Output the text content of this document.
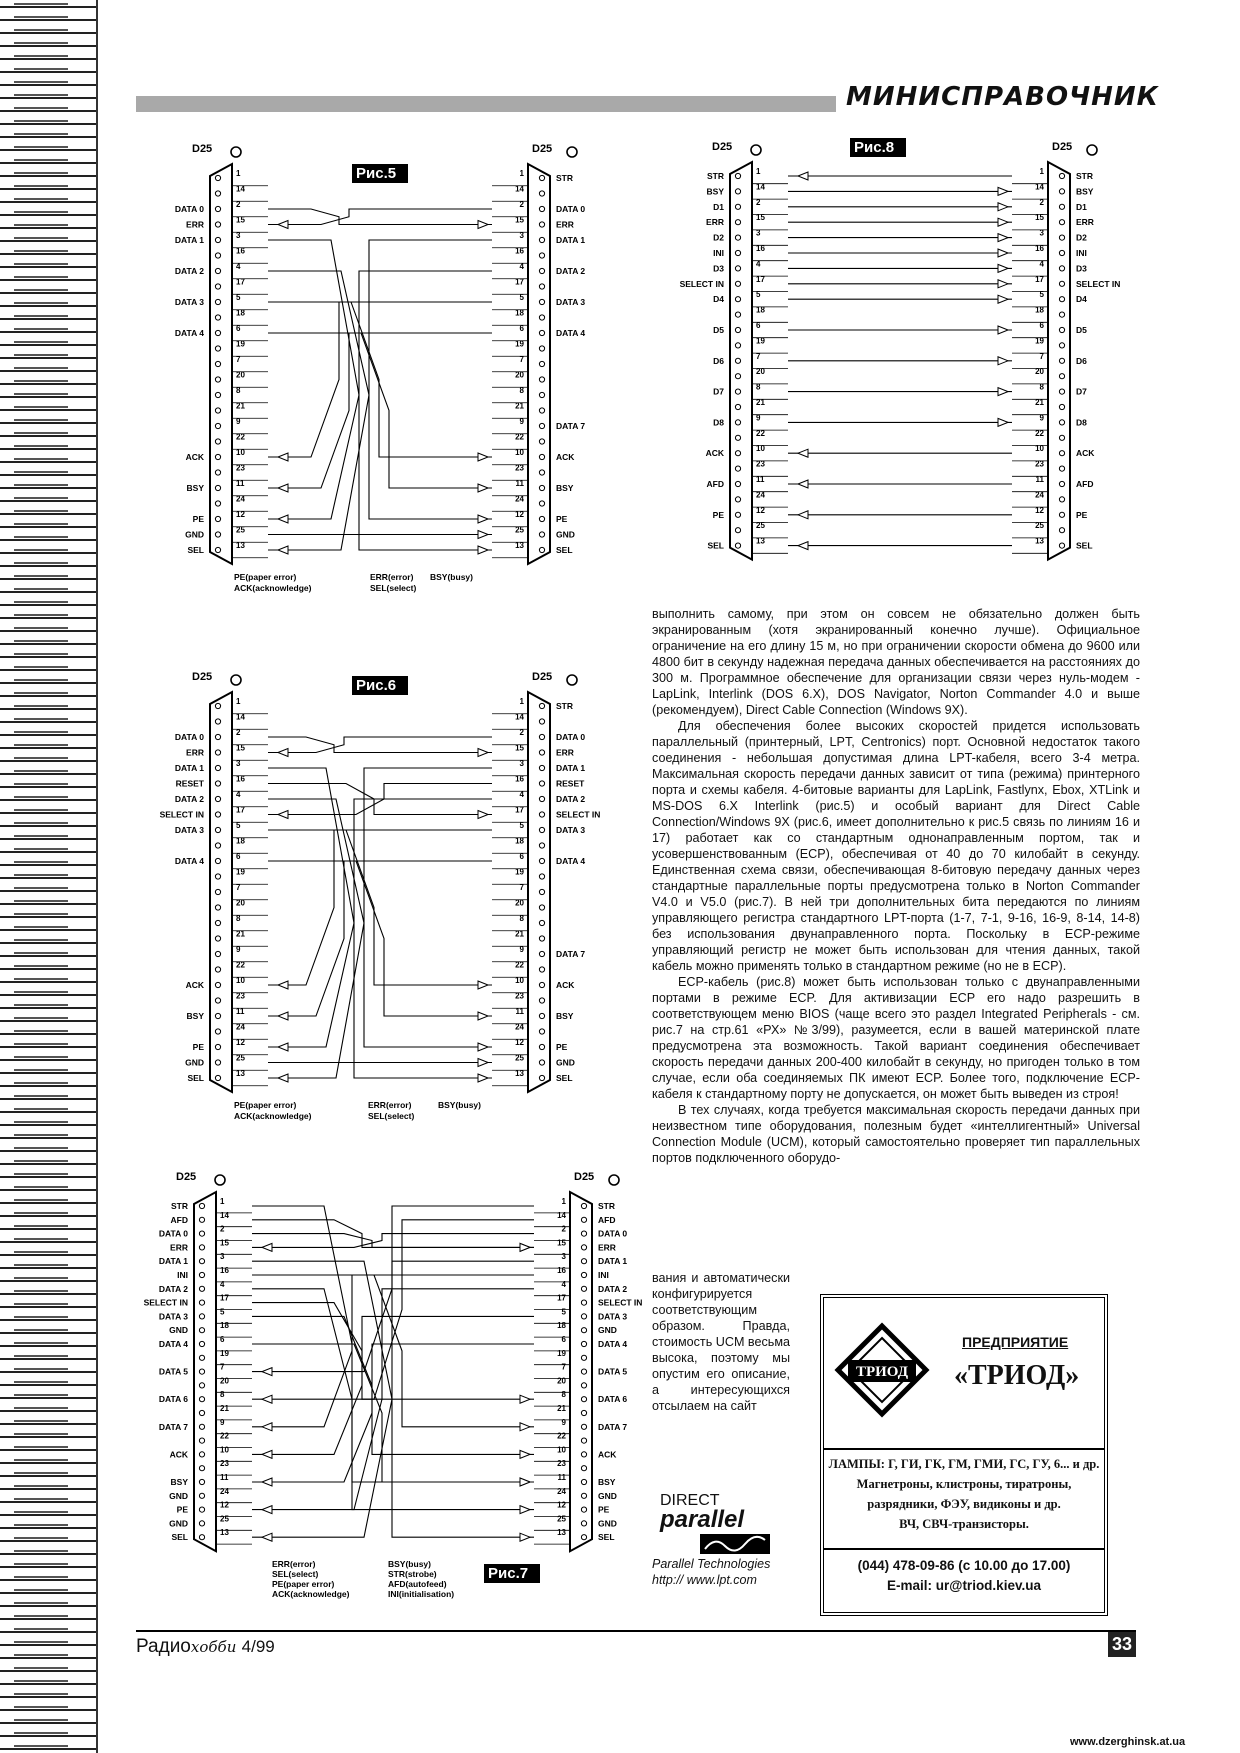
МИНИСПРАВОЧНИК
D25	D25
Рис.5
1	1	STR
14	14
2	2
DATA 0	DATA 0
15	15
ERR	ERR
3	3
DATA 1	DATA 1
16	16
4	4
DATA 2	DATA 2
17	17
5	5
DATA 3	DATA 3
18	18
6	6
DATA 4	DATA 4
19	19
7	7
20	20
8	8
21	21
9	9	DATA 7
22	22
10	10
ACK	ACK
23	23
11	11
BSY	BSY
24	24
12	12
PE	PE
25	25
GND	GND
13	13
SEL	SEL
PE(paper error)	ERR(error) BSY(busy)
ACK(acknowledge)	SEL(select)
D25	D25
Рис.6
1	1	STR
14	14
2	2
DATA 0	DATA 0
15	15
ERR	ERR
3	3
DATA 1	DATA 1
16	16
RESET	RESET
4	4
DATA 2	DATA 2
17	17
SELECT IN	SELECT IN
5	5
DATA 3	DATA 3
18	18
6	6
DATA 4	DATA 4
19	19
7	7
20	20
8	8
21	21
9	9	DATA 7
22	22
10	10
ACK	ACK
23	23
11	11
BSY	BSY
24	24
12	12
PE	PE
25	25
GND	GND
13	13
SEL	SEL
PE(paper error)	ERR(error)	BSY(busy)
ACK(acknowledge)	SEL(select)
D25	D25
Рис.7
1	1
STR	STR
14	14
AFD	AFD
2	2
DATA 0	DATA 0
15	15
ERR	ERR
3	3
DATA 1	DATA 1
16	16
INI	INI
4	4
DATA 2	DATA 2
17	17
SELECT IN	SELECT IN
5	5
DATA 3	DATA 3
18	18
GND	GND
6	6
DATA 4	DATA 4
19	19
7	7
DATA 5	DATA 5
20	20
8	8
DATA 6	DATA 6
21	21
9	9
DATA 7	DATA 7
22	22
10	10
ACK	ACK
23	23
11	11
BSY	BSY
24	24
GND	GND
12	12
PE	PE
25	25
GND	GND
13	13
SEL	SEL
ERR(error)	BSY(busy)
SEL(select)	STR(strobe)
PE(paper error)	AFD(autofeed)
ACK(acknowledge)	INI(initialisation)
D25	D25
Рис.8
1	1
STR	STR
14	14
BSY	BSY
2	2
D1	D1
15	15
ERR	ERR
3	3
D2	D2
16	16
INI	INI
4	4
D3	D3
17	17
SELECT IN	SELECT IN
5	5
D4	D4
18	18
6	6
D5	D5
19	19
7	7
D6	D6
20	20
8	8
D7	D7
21	21
9	9
D8	D8
22	22
10	10
ACK	ACK
23	23
11	11
AFD	AFD
24	24
12	12
PE	PE
25	25
13	13
SEL	SEL

выполнить самому, при этом он совсем не обязательно должен быть экранированным (хотя экранированный конечно лучше). Официальное ограничение на его длину 15 м, но при ограничении скорости обмена до 9600 или 4800 бит в секунду надежная передача данных обеспечивается на расстояниях до 300 м. Программное обеспечение для организации связи через нуль-модем - LapLink, Interlink (DOS 6.X), DOS Navigator, Norton Commander 4.0 и выше (рекомендуем), Direct Cable Connection (Windows 9X).

Для обеспечения более высоких скоростей придется использовать параллельный (принтерный, LPT, Centronics) порт. Основной недостаток такого соединения - небольшая допустимая длина LPT-кабеля, всего 3-4 метра. Максимальная скорость передачи данных зависит от типа (режима) принтерного порта и схемы кабеля. 4-битовые варианты для LapLink, Fastlynx, Ebox, XTLink и MS-DOS 6.X Interlink (рис.5) и особый вариант для Direct Cable Connection/Windows 9X (рис.6, имеет дополнительно к рис.5 связь по линиям 16 и 17) работает как со стандартным однонаправленным портом, так и усовершенствованным (ECP), обеспечивая от 40 до 70 килобайт в секунду. Единственная схема связи, обеспечивающая 8-битовую передачу данных через стандартные параллельные порты предусмотрена только в Norton Commander V4.0 и V5.0 (рис.7). В ней три дополнительных бита передаются по линиям управляющего регистра стандартного LPT-порта (1-7, 7-1, 9-16, 16-9, 8-14, 14-8) без использования двунаправленного порта. Поскольку в ECP-режиме управляющий регистр не может быть использован для чтения данных, такой кабель можно применять только в стандартном режиме (но не в ECP).

ECP-кабель (рис.8) может быть использован только с двунаправленными портами в режиме ECP. Для активизации ECP его надо разрешить в соответствующем меню BIOS (чаще всего это раздел Integrated Peripherals - см. рис.7 на стр.61 «РХ» №3/99), разумеется, если в вашей материнской плате предусмотрена эта возможность. Такой вариант соединения обеспечивает скорость передачи данных 200-400 килобайт в секунду, но пригоден только в том случае, если оба соединяемых ПК имеют ECP. Более того, подключение ECP-кабеля к стандартному порту не допускается, он может быть выведен из строя!

В тех случаях, когда требуется максимальная скорость передачи данных при неизвестном типе оборудования, полезным будет «интеллигентный» Universal Connection Module (UCM), который самостоятельно проверяет тип параллельных портов подключенного оборудо-

вания и автоматически конфигурируется соответствующим образом. Правда, стоимость UCM весьма высока, поэтому мы опустим его описание, а интересующихся отсылаем на сайт
DIRECT
parallel
Parallel Technologies http:// www.lpt.com
ТРИОД
ПРЕДПРИЯТИЕ
«ТРИОД»
ЛАМПЫ: Г, ГИ, ГК, ГМ, ГМИ, ГС, ГУ, 6... и др.
Магнетроны, клистроны, тиратроны,
разрядники, ФЭУ, видиконы и др.
ВЧ, СВЧ-транзисторы.
(044) 478-09-86 (с 10.00 до 17.00)
E-mail: ur@triod.kiev.ua
Радиохобби 4/99	33
www.dzerghinsk.at.ua
